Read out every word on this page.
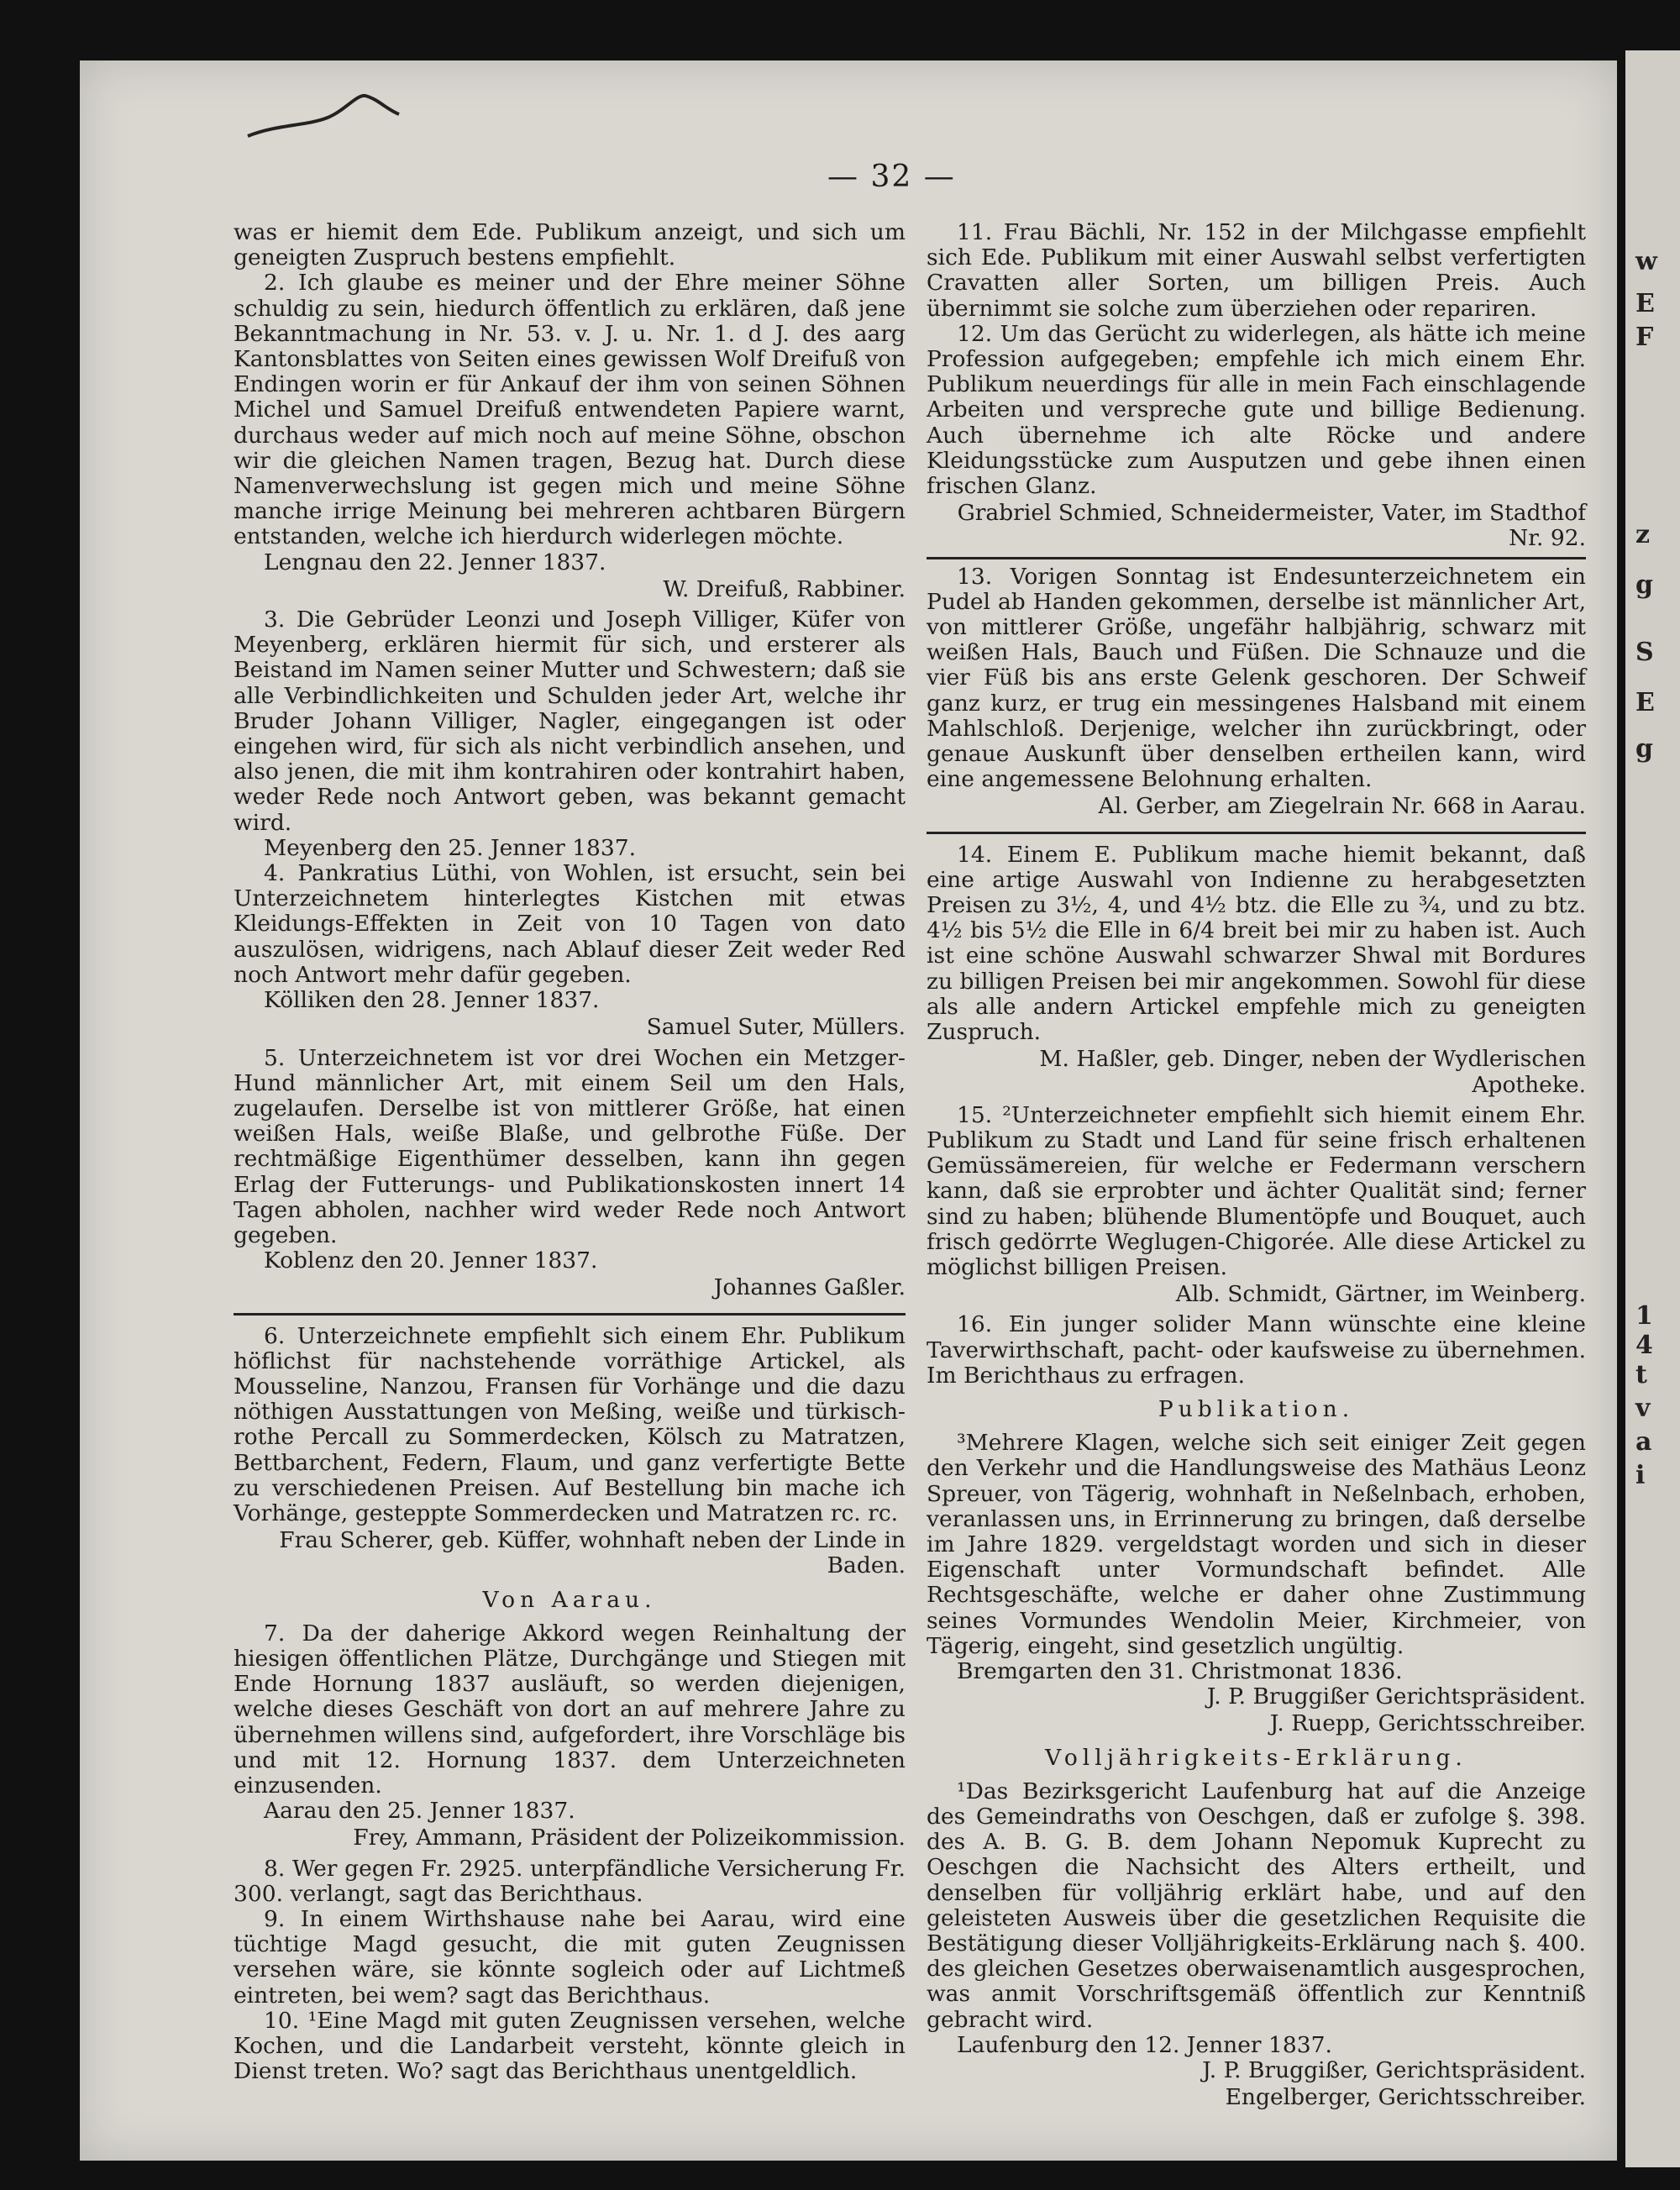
w
E
F
z
g
S
E
g
1
4
t
v
a
i
— 32 —

was er hiemit dem Ede. Publikum anzeigt, und sich um geneigten Zuspruch bestens empfiehlt.

2. Ich glaube es meiner und der Ehre meiner Söhne schuldig zu sein, hiedurch öffentlich zu erklären, daß jene Bekanntmachung in Nr. 53. v. J. u. Nr. 1. d J. des aarg Kantonsblattes von Seiten eines gewissen Wolf Dreifuß von Endingen worin er für Ankauf der ihm von seinen Söhnen Michel und Samuel Dreifuß entwendeten Papiere warnt, durchaus weder auf mich noch auf meine Söhne, obschon wir die gleichen Namen tragen, Bezug hat. Durch diese Namenverwechslung ist gegen mich und meine Söhne manche irrige Meinung bei mehreren achtbaren Bürgern entstanden, welche ich hierdurch widerlegen möchte.

Lengnau den 22. Jenner 1837.

W. Dreifuß, Rabbiner.

3. Die Gebrüder Leonzi und Joseph Villiger, Küfer von Meyenberg, erklären hiermit für sich, und ersterer als Beistand im Namen seiner Mutter und Schwestern; daß sie alle Verbindlichkeiten und Schulden jeder Art, welche ihr Bruder Johann Villiger, Nagler, eingegangen ist oder eingehen wird, für sich als nicht verbindlich ansehen, und also jenen, die mit ihm kontrahiren oder kontrahirt haben, weder Rede noch Antwort geben, was bekannt gemacht wird.

Meyenberg den 25. Jenner 1837.

4. Pankratius Lüthi, von Wohlen, ist ersucht, sein bei Unterzeichnetem hinterlegtes Kistchen mit etwas Kleidungs-Effekten in Zeit von 10 Tagen von dato auszulösen, widrigens, nach Ablauf dieser Zeit weder Red noch Antwort mehr dafür gegeben.

Kölliken den 28. Jenner 1837.

Samuel Suter, Müllers.

5. Unterzeichnetem ist vor drei Wochen ein Metzger-Hund männlicher Art, mit einem Seil um den Hals, zugelaufen. Derselbe ist von mittlerer Größe, hat einen weißen Hals, weiße Blaße, und gelbrothe Füße. Der rechtmäßige Eigenthümer desselben, kann ihn gegen Erlag der Futterungs- und Publikationskosten innert 14 Tagen abholen, nachher wird weder Rede noch Antwort gegeben.

Koblenz den 20. Jenner 1837.

Johannes Gaßler.

6. Unterzeichnete empfiehlt sich einem Ehr. Publikum höflichst für nachstehende vorräthige Artickel, als Mousseline, Nanzou, Fransen für Vorhänge und die dazu nöthigen Ausstattungen von Meßing, weiße und türkisch-rothe Percall zu Sommerdecken, Kölsch zu Matratzen, Bettbarchent, Federn, Flaum, und ganz verfertigte Bette zu verschiedenen Preisen. Auf Bestellung bin mache ich Vorhänge, gesteppte Sommerdecken und Matratzen rc. rc.

Frau Scherer, geb. Küffer, wohnhaft neben der Linde in Baden.
Von Aarau.

7. Da der daherige Akkord wegen Reinhaltung der hiesigen öffentlichen Plätze, Durchgänge und Stiegen mit Ende Hornung 1837 ausläuft, so werden diejenigen, welche dieses Geschäft von dort an auf mehrere Jahre zu übernehmen willens sind, aufgefordert, ihre Vorschläge bis und mit 12. Hornung 1837. dem Unterzeichneten einzusenden.

Aarau den 25. Jenner 1837.

Frey, Ammann, Präsident der Polizeikommission.

8. Wer gegen Fr. 2925. unterpfändliche Versicherung Fr. 300. verlangt, sagt das Berichthaus.

9. In einem Wirthshause nahe bei Aarau, wird eine tüchtige Magd gesucht, die mit guten Zeugnissen versehen wäre, sie könnte sogleich oder auf Lichtmeß eintreten, bei wem? sagt das Berichthaus.

10. ¹Eine Magd mit guten Zeugnissen versehen, welche Kochen, und die Landarbeit versteht, könnte gleich in Dienst treten. Wo? sagt das Berichthaus unentgeldlich.

11. Frau Bächli, Nr. 152 in der Milchgasse empfiehlt sich Ede. Publikum mit einer Auswahl selbst verfertigten Cravatten aller Sorten, um billigen Preis. Auch übernimmt sie solche zum überziehen oder repariren.

12. Um das Gerücht zu widerlegen, als hätte ich meine Profession aufgegeben; empfehle ich mich einem Ehr. Publikum neuerdings für alle in mein Fach einschlagende Arbeiten und verspreche gute und billige Bedienung. Auch übernehme ich alte Röcke und andere Kleidungsstücke zum Ausputzen und gebe ihnen einen frischen Glanz.

Grabriel Schmied, Schneidermeister, Vater, im Stadthof Nr. 92.

13. Vorigen Sonntag ist Endesunterzeichnetem ein Pudel ab Handen gekommen, derselbe ist männlicher Art, von mittlerer Größe, ungefähr halbjährig, schwarz mit weißen Hals, Bauch und Füßen. Die Schnauze und die vier Füß bis ans erste Gelenk geschoren. Der Schweif ganz kurz, er trug ein messingenes Halsband mit einem Mahlschloß. Derjenige, welcher ihn zurückbringt, oder genaue Auskunft über denselben ertheilen kann, wird eine angemessene Belohnung erhalten.

Al. Gerber, am Ziegelrain Nr. 668 in Aarau.

14. Einem E. Publikum mache hiemit bekannt, daß eine artige Auswahl von Indienne zu herabgesetzten Preisen zu 3½, 4, und 4½ btz. die Elle zu ¾, und zu btz. 4½ bis 5½ die Elle in 6/4 breit bei mir zu haben ist. Auch ist eine schöne Auswahl schwarzer Shwal mit Bordures zu billigen Preisen bei mir angekommen. Sowohl für diese als alle andern Artickel empfehle mich zu geneigten Zuspruch.

M. Haßler, geb. Dinger, neben der Wydlerischen Apotheke.

15. ²Unterzeichneter empfiehlt sich hiemit einem Ehr. Publikum zu Stadt und Land für seine frisch erhaltenen Gemüssämereien, für welche er Federmann verschern kann, daß sie erprobter und ächter Qualität sind; ferner sind zu haben; blühende Blumentöpfe und Bouquet, auch frisch gedörrte Weglugen-Chigorée. Alle diese Artickel zu möglichst billigen Preisen.

Alb. Schmidt, Gärtner, im Weinberg.

16. Ein junger solider Mann wünschte eine kleine Taverwirthschaft, pacht- oder kaufsweise zu übernehmen. Im Berichthaus zu erfragen.

Publikation.

³Mehrere Klagen, welche sich seit einiger Zeit gegen den Verkehr und die Handlungsweise des Mathäus Leonz Spreuer, von Tägerig, wohnhaft in Neßelnbach, erhoben, veranlassen uns, in Errinnerung zu bringen, daß derselbe im Jahre 1829. vergeldstagt worden und sich in dieser Eigenschaft unter Vormundschaft befindet. Alle Rechtsgeschäfte, welche er daher ohne Zustimmung seines Vormundes Wendolin Meier, Kirchmeier, von Tägerig, eingeht, sind gesetzlich ungültig.

Bremgarten den 31. Christmonat 1836.

J. P. Bruggißer Gerichtspräsident.
J. Ruepp, Gerichtsschreiber.
Volljährigkeits-Erklärung.

¹Das Bezirksgericht Laufenburg hat auf die Anzeige des Gemeindraths von Oeschgen, daß er zufolge §. 398. des A. B. G. B. dem Johann Nepomuk Kuprecht zu Oeschgen die Nachsicht des Alters ertheilt, und denselben für volljährig erklärt habe, und auf den geleisteten Ausweis über die gesetzlichen Requisite die Bestätigung dieser Volljährigkeits-Erklärung nach §. 400. des gleichen Gesetzes oberwaisenamtlich ausgesprochen, was anmit Vorschriftsgemäß öffentlich zur Kenntniß gebracht wird.

Laufenburg den 12. Jenner 1837.

J. P. Bruggißer, Gerichtspräsident.
Engelberger, Gerichtsschreiber.
